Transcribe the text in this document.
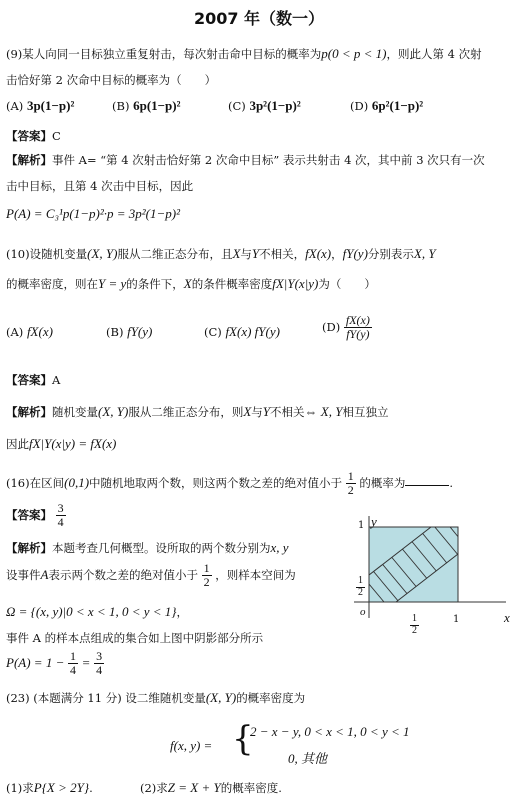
2007 年（数一）
(9)某人向同一目标独立重复射击，每次射击命中目标的概率为p(0 < p < 1)，则此人第 4 次射
击恰好第 2 次命中目标的概率为（　　）
(A) 3p(1−p)²	(B) 6p(1−p)²	(C) 3p²(1−p)²	(D) 6p²(1−p)²
【答案】C
【解析】事件 A= “第 4 次射击恰好第 2 次命中目标” 表示共射击 4 次，其中前 3 次只有一次
击中目标，且第 4 次击中目标，因此
P(A) = C₃¹p(1−p)²·p = 3p²(1−p)²
(10)设随机变量(X, Y)服从二维正态分布，且X与Y不相关，fX(x)，fY(y)分别表示X, Y
的概率密度，则在Y = y的条件下，X的条件概率密度fX|Y(x|y)为（　　）
(A) fX(x)	(B) fY(y)	(C) fX(x) fY(y)	$(D) \frac{fX(x)}{fY(y)}$
【答案】A
【解析】随机变量(X, Y)服从二维正态分布，则X与Y不相关⇔ X, Y相互独立
因此fX|Y(x|y) = fX(x)
(16)在区间(0,1)中随机地取两个数，则这两个数之差的绝对值小于 $\frac{1}{2}$ 的概率为	.
【答案】 $\frac{3}{4}$
【解析】本题考查几何概型。设所取的两个数分别为x, y
设事件A表示两个数之差的绝对值小于 $\frac{1}{2}$ ，则样本空间为
Ω = {(x, y)|0 < x < 1, 0 < y < 1}，
事件 A 的样本点组成的集合如上图中阴影部分所示
$P(A) = 1 - \frac{1}{4} = \frac{3}{4}$
y
x
o
1
$\frac{1}{2}$
$\frac{1}{2}$	1
(23) (本题满分 11 分) 设二维随机变量(X, Y)的概率密度为
f(x, y) = {
2 − x − y, 0 < x < 1, 0 < y < 1
0, 其他
(1)求P{X > 2Y}.	(2)求Z = X + Y的概率密度.
